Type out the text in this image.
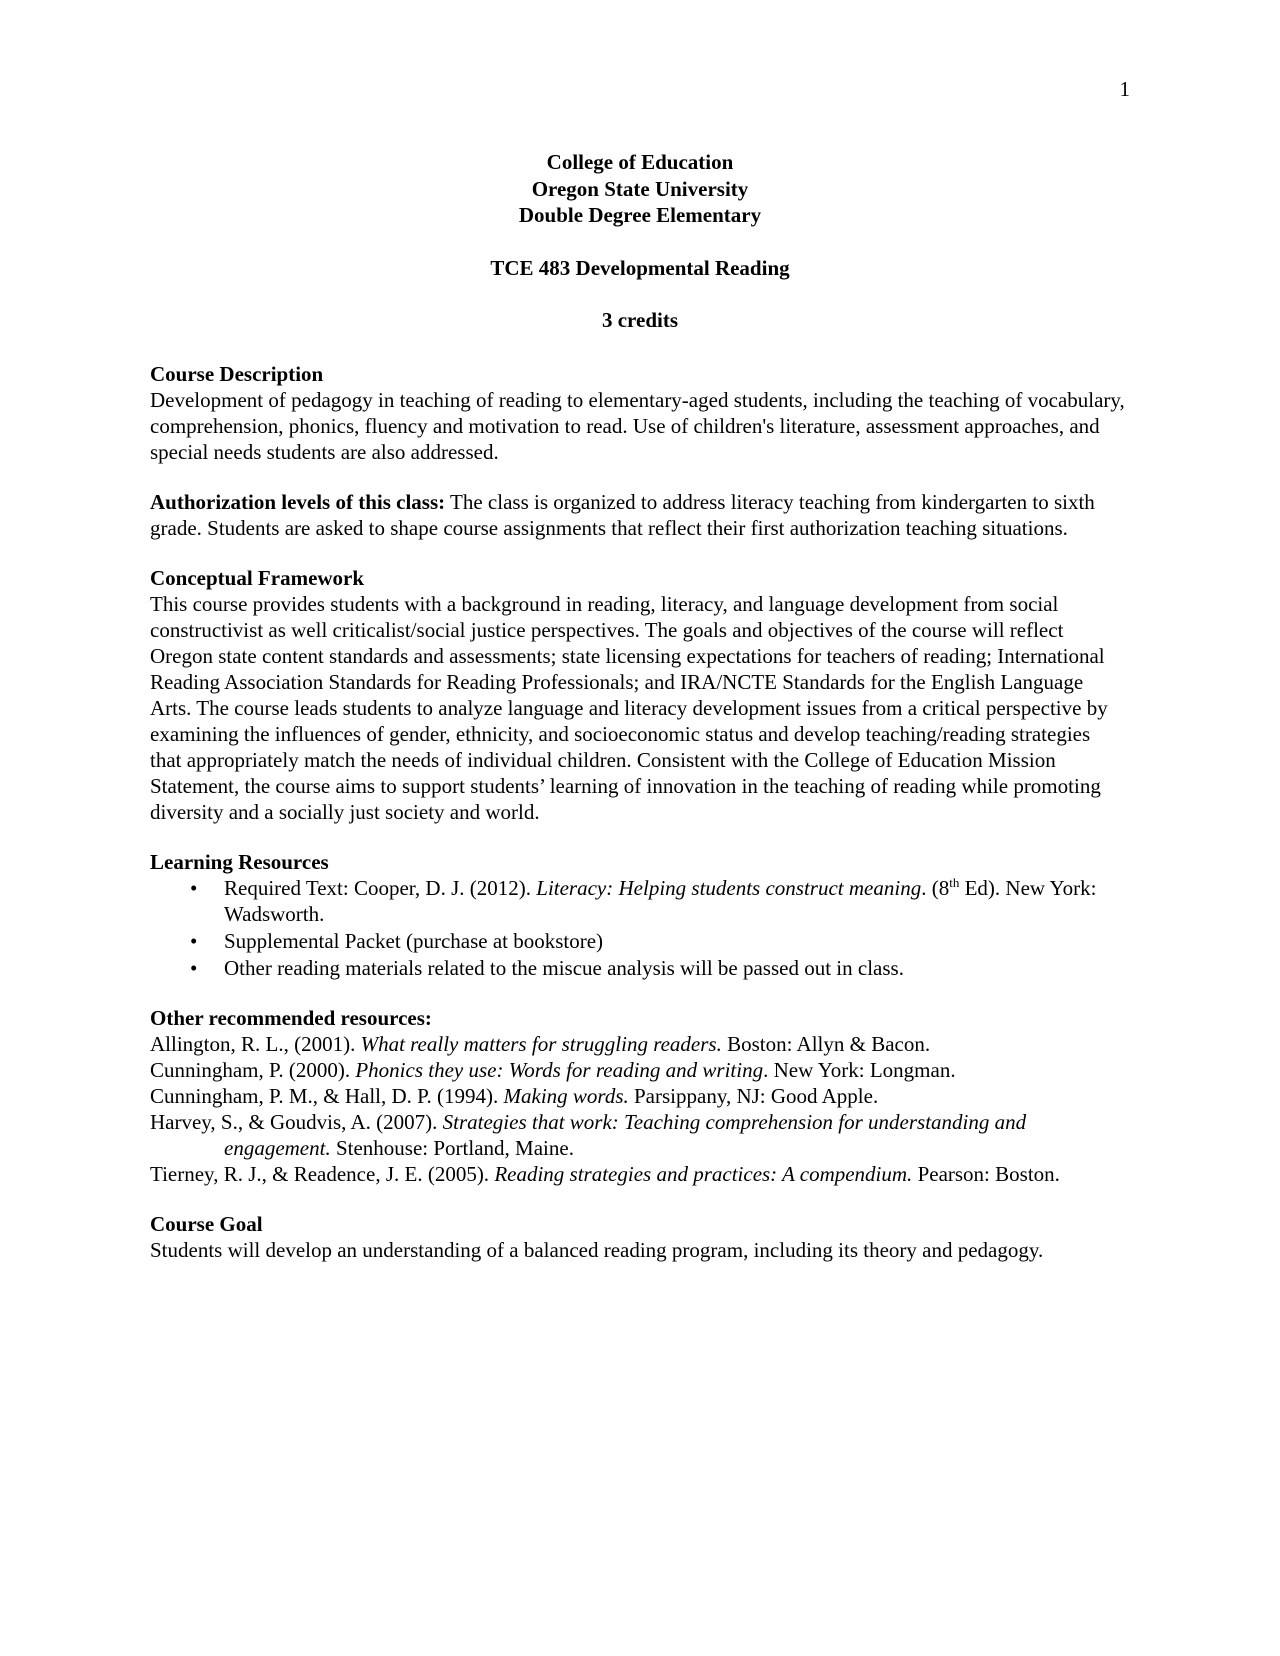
1
College of Education
Oregon State University
Double Degree Elementary
TCE 483 Developmental Reading
3 credits
Course Description
Development of pedagogy in teaching of reading to elementary-aged students, including the teaching of vocabulary, comprehension, phonics, fluency and motivation to read. Use of children's literature, assessment approaches, and special needs students are also addressed.
Authorization levels of this class: The class is organized to address literacy teaching from kindergarten to sixth grade. Students are asked to shape course assignments that reflect their first authorization teaching situations.
Conceptual Framework
This course provides students with a background in reading, literacy, and language development from social constructivist as well criticalist/social justice perspectives. The goals and objectives of the course will reflect Oregon state content standards and assessments; state licensing expectations for teachers of reading; International Reading Association Standards for Reading Professionals; and IRA/NCTE Standards for the English Language Arts. The course leads students to analyze language and literacy development issues from a critical perspective by examining the influences of gender, ethnicity, and socioeconomic status and develop teaching/reading strategies that appropriately match the needs of individual children. Consistent with the College of Education Mission Statement, the course aims to support students’ learning of innovation in the teaching of reading while promoting diversity and a socially just society and world.
Learning Resources
• Required Text: Cooper, D. J. (2012). Literacy: Helping students construct meaning. (8th Ed). New York: Wadsworth.
• Supplemental Packet (purchase at bookstore)
• Other reading materials related to the miscue analysis will be passed out in class.
Other recommended resources:
Allington, R. L., (2001). What really matters for struggling readers. Boston: Allyn & Bacon.
Cunningham, P. (2000). Phonics they use: Words for reading and writing. New York: Longman.
Cunningham, P. M., & Hall, D. P. (1994). Making words. Parsippany, NJ: Good Apple.
Harvey, S., & Goudvis, A. (2007). Strategies that work: Teaching comprehension for understanding and engagement. Stenhouse: Portland, Maine.
Tierney, R. J., & Readence, J. E. (2005). Reading strategies and practices: A compendium. Pearson: Boston.
Course Goal
Students will develop an understanding of a balanced reading program, including its theory and pedagogy.
